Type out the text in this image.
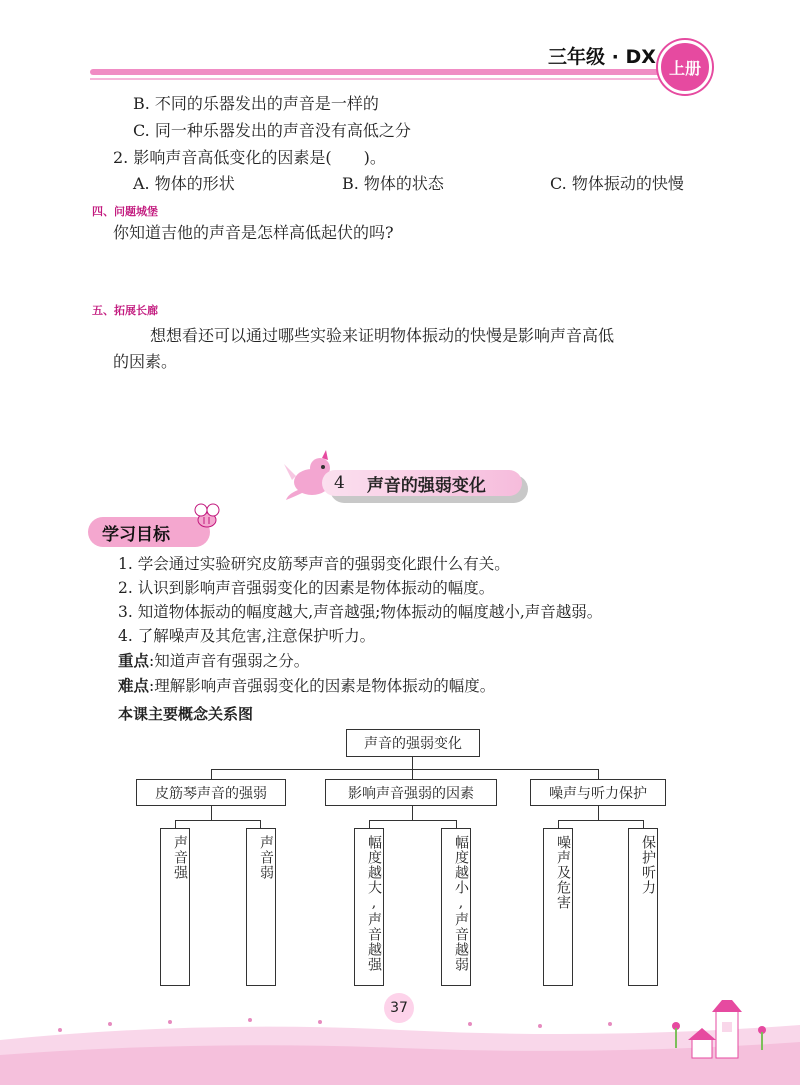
三年级 · DX 上册
B. 不同的乐器发出的声音是一样的
C. 同一种乐器发出的声音没有高低之分
2. 影响声音高低变化的因素是(　　)。
A. 物体的形状	B. 物体的状态	C. 物体振动的快慢
四、问题城堡
你知道吉他的声音是怎样高低起伏的吗?
五、拓展长廊
想想看还可以通过哪些实验来证明物体振动的快慢是影响声音高低
的因素。
4 声音的强弱变化
学习目标
1. 学会通过实验研究皮筋琴声音的强弱变化跟什么有关。
2. 认识到影响声音强弱变化的因素是物体振动的幅度。
3. 知道物体振动的幅度越大,声音越强;物体振动的幅度越小,声音越弱。
4. 了解噪声及其危害,注意保护听力。
重点:知道声音有强弱之分。
难点:理解影响声音强弱变化的因素是物体振动的幅度。
本课主要概念关系图
声音的强弱变化
皮筋琴声音的强弱	影响声音强弱的因素	噪声与听力保护
声音强	声音弱	幅度越大,声音越强	幅度越小,声音越弱	噪声及危害	保护听力
37
